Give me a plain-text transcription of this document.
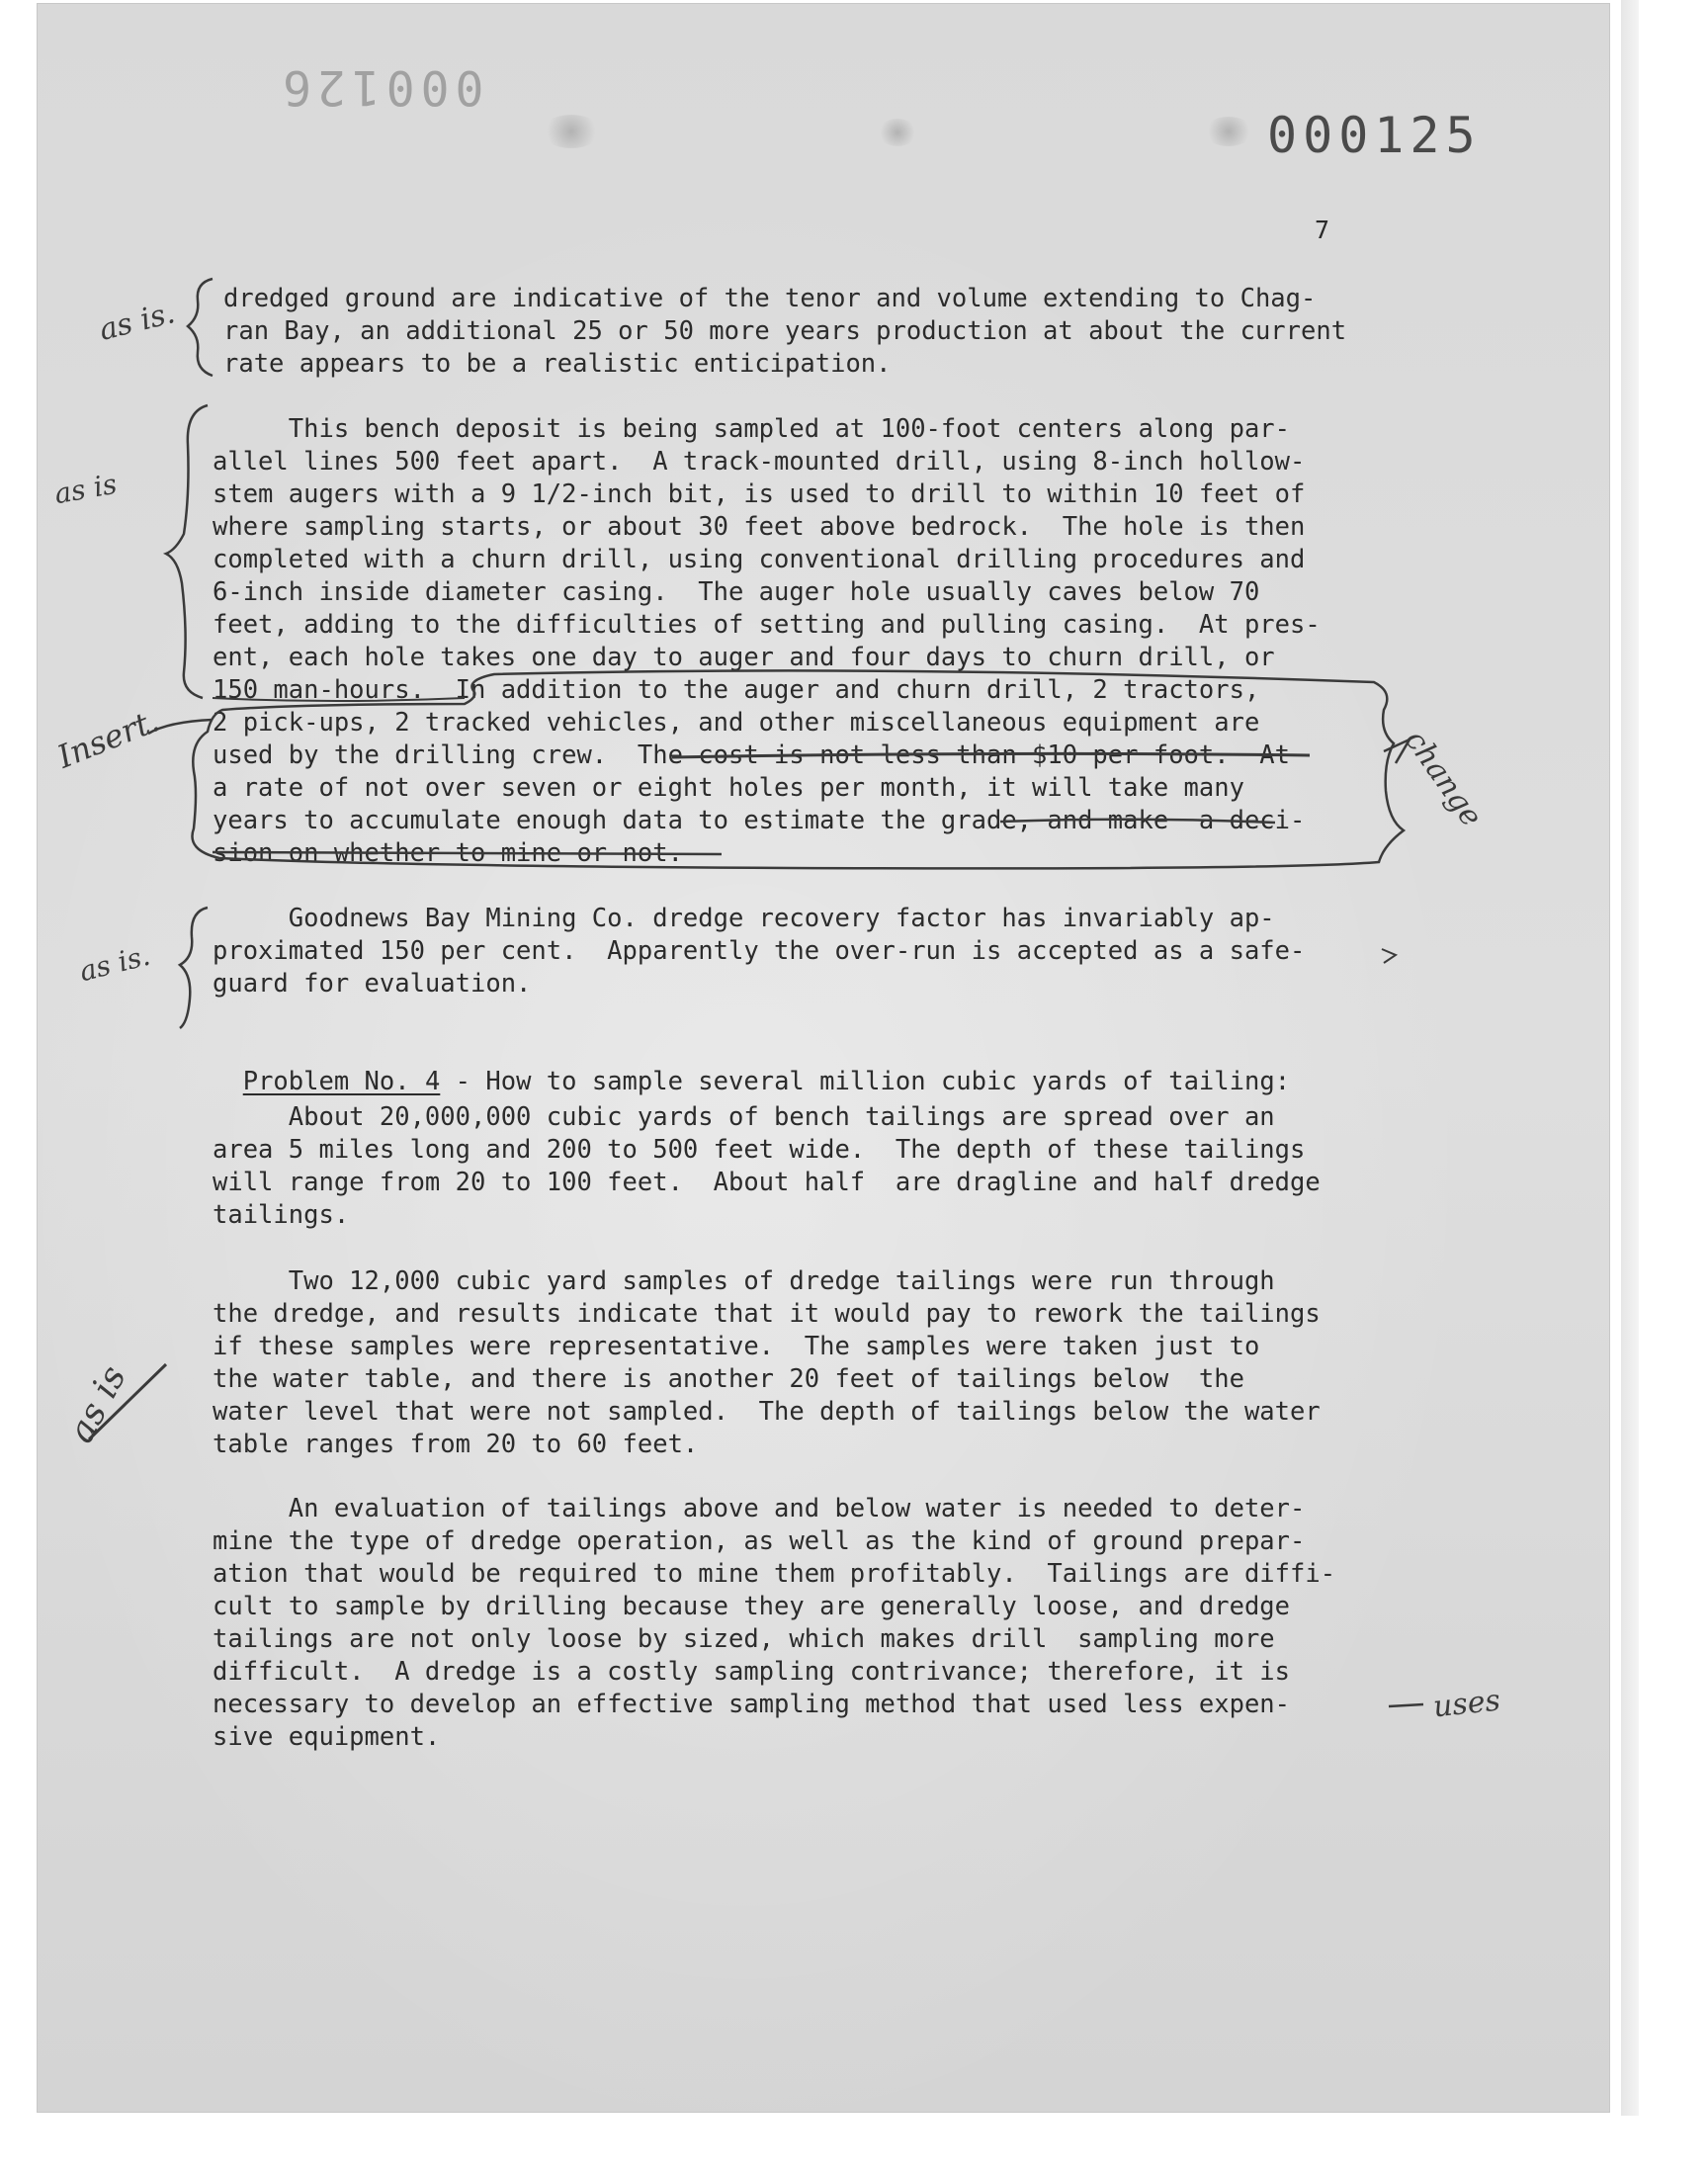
000126
000125
7
dredged ground are indicative of the tenor and volume extending to Chag-
ran Bay, an additional 25 or 50 more years production at about the current
rate appears to be a realistic enticipation.
This bench deposit is being sampled at 100-foot centers along par-
allel lines 500 feet apart.  A track-mounted drill, using 8-inch hollow-
stem augers with a 9 1/2-inch bit, is used to drill to within 10 feet of
where sampling starts, or about 30 feet above bedrock.  The hole is then
completed with a churn drill, using conventional drilling procedures and
6-inch inside diameter casing.  The auger hole usually caves below 70
feet, adding to the difficulties of setting and pulling casing.  At pres-
ent, each hole takes one day to auger and four days to churn drill, or
150 man-hours.  In addition to the auger and churn drill, 2 tractors,
2 pick-ups, 2 tracked vehicles, and other miscellaneous equipment are
used by the drilling crew.  The cost is not less than $10 per foot.  At
a rate of not over seven or eight holes per month, it will take many
years to accumulate enough data to estimate the grade, and make  a deci-
sion on whether to mine or not.
Goodnews Bay Mining Co. dredge recovery factor has invariably ap-
proximated 150 per cent.  Apparently the over-run is accepted as a safe-
guard for evaluation.

Problem No. 4 - How to sample several million cubic yards of tailing:

About 20,000,000 cubic yards of bench tailings are spread over an
area 5 miles long and 200 to 500 feet wide.  The depth of these tailings
will range from 20 to 100 feet.  About half  are dragline and half dredge
tailings.
Two 12,000 cubic yard samples of dredge tailings were run through
the dredge, and results indicate that it would pay to rework the tailings
if these samples were representative.  The samples were taken just to
the water table, and there is another 20 feet of tailings below  the
water level that were not sampled.  The depth of tailings below the water
table ranges from 20 to 60 feet.
An evaluation of tailings above and below water is needed to deter-
mine the type of dredge operation, as well as the kind of ground prepar-
ation that would be required to mine them profitably.  Tailings are diffi-
cult to sample by drilling because they are generally loose, and dredge
tailings are not only loose by sized, which makes drill  sampling more
difficult.  A dredge is a costly sampling contrivance; therefore, it is
necessary to develop an effective sampling method that used less expen-
sive equipment.
as is.
as is
Insert.	change
as is.
as is
uses
